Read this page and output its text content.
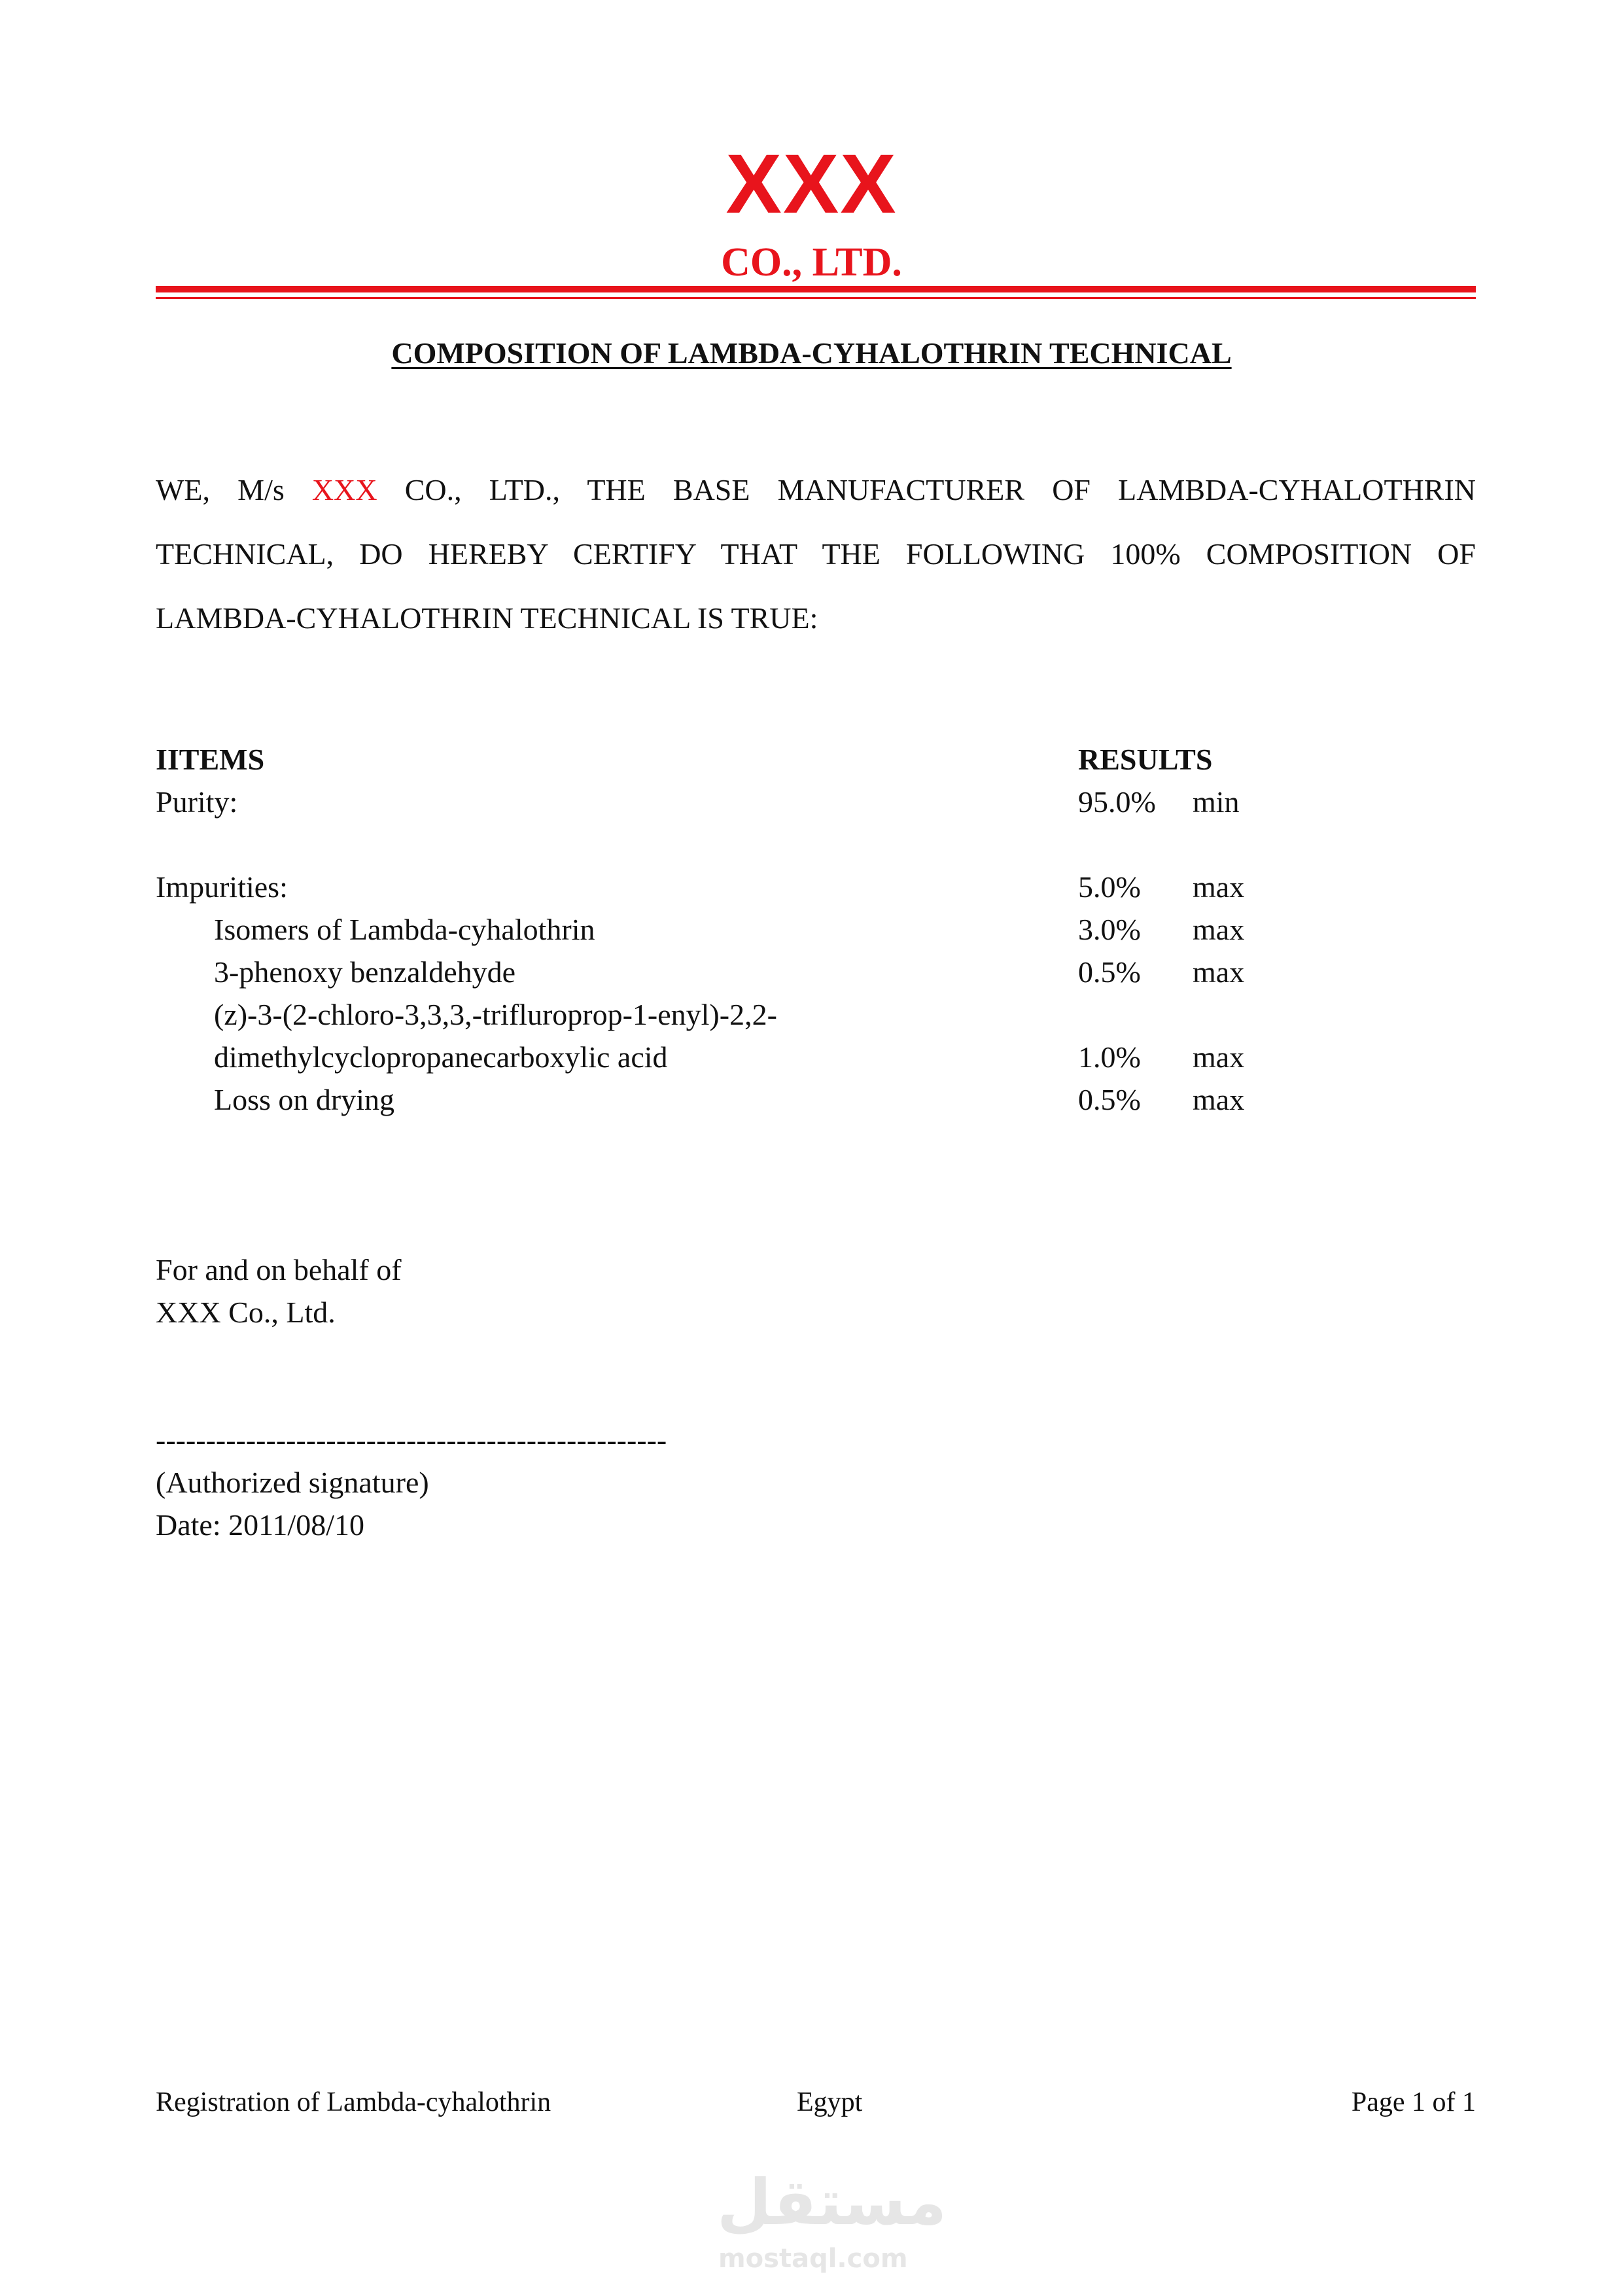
XXX
CO., LTD.
COMPOSITION OF LAMBDA-CYHALOTHRIN TECHNICAL
WE, M/s XXX CO., LTD., THE BASE MANUFACTURER OF LAMBDA-CYHALOTHRIN
TECHNICAL, DO HEREBY CERTIFY THAT THE FOLLOWING 100% COMPOSITION OF
LAMBDA-CYHALOTHRIN TECHNICAL IS TRUE:
IITEMS	RESULTS
Purity:	95.0% min
Impurities:	5.0% max
Isomers of Lambda-cyhalothrin	3.0% max
3-phenoxy benzaldehyde	0.5% max
(z)-3-(2-chloro-3,3,3,-trifluroprop-1-enyl)-2,2-
dimethylcyclopropanecarboxylic acid	1.0% max
Loss on drying	0.5% max
For and on behalf of
XXX Co., Ltd.
---------------------------------------------------
(Authorized signature)
Date: 2011/08/10
Registration of Lambda-cyhalothrin	Egypt	Page 1 of 1
مستقل
mostaql.com
